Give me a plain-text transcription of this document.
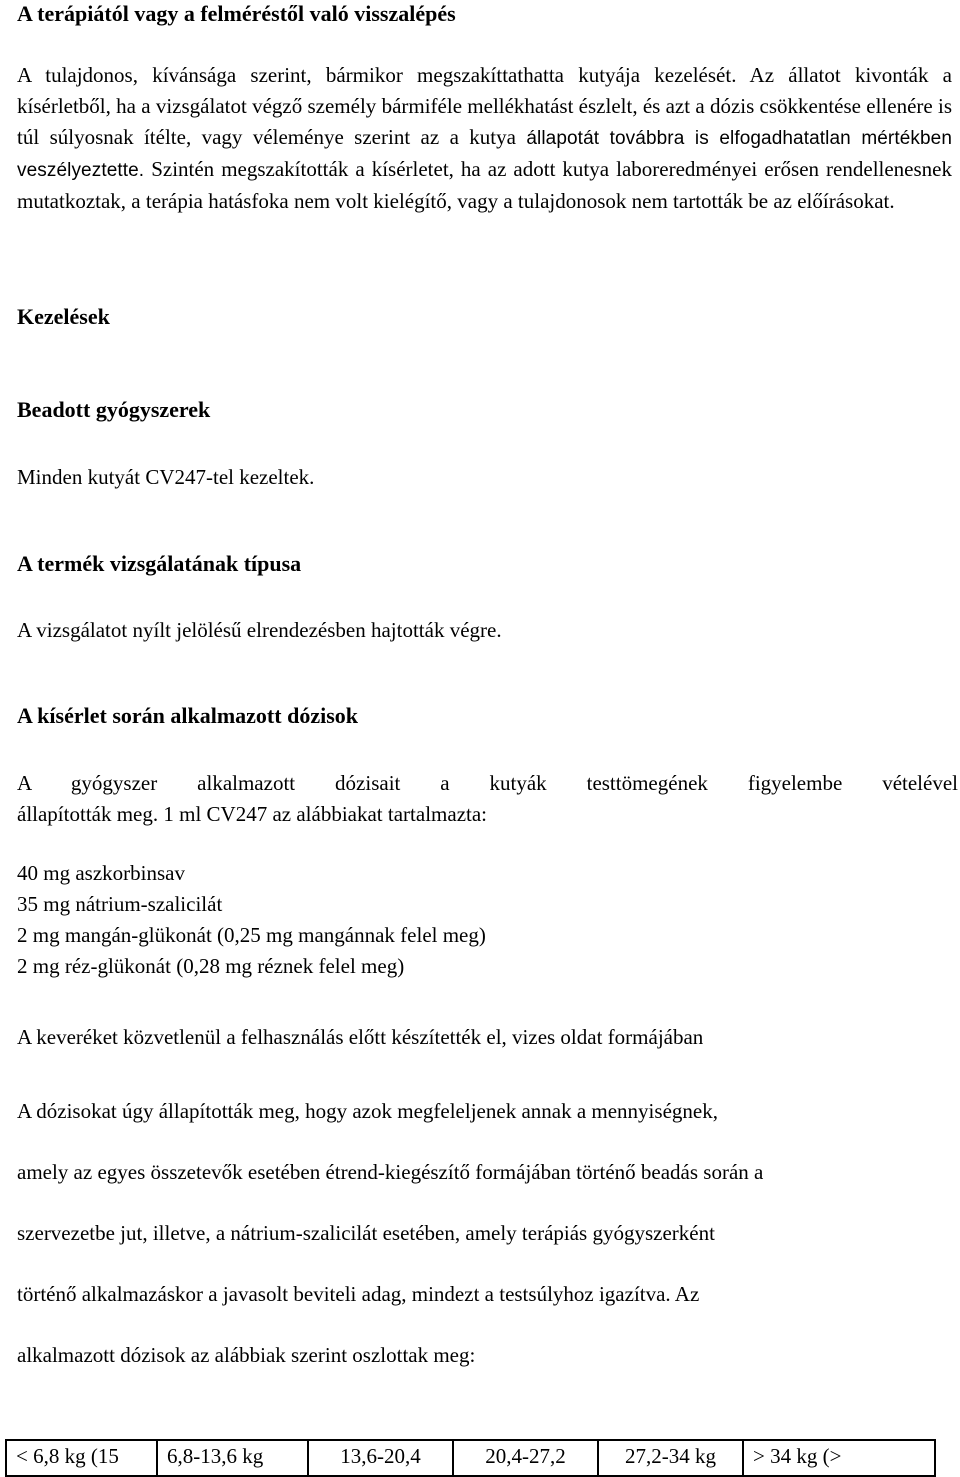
A terápiától vagy a felméréstől való visszalépés

A tulajdonos, kívánsága szerint, bármikor megszakíttathatta kutyája kezelését. Az állatot kivonták a kísérletből, ha a vizsgálatot végző személy bármiféle mellékhatást észlelt, és azt a dózis csökkentése ellenére is túl súlyosnak ítélte, vagy véleménye szerint az a kutya állapotát továbbra is elfogadhatatlan mértékben veszélyeztette. Szintén megszakították a kísérletet, ha az adott kutya laboreredményei erősen rendellenesnek mutatkoztak, a terápia hatásfoka nem volt kielégítő, vagy a tulajdonosok nem tartották be az előírásokat.

Kezelések
Beadott gyógyszerek
Minden kutyát CV247-tel kezeltek.
A termék vizsgálatának típusa
A vizsgálatot nyílt jelölésű elrendezésben hajtották végre.
A kísérlet során alkalmazott dózisok
A gyógyszer alkalmazott dózisait a kutyák testtömegének figyelembe vételével
állapították meg. 1 ml CV247 az alábbiakat tartalmazta:
40 mg aszkorbinsav
35 mg nátrium-szalicilát
2 mg mangán-glükonát (0,25 mg mangánnak felel meg)
2 mg réz-glükonát (0,28 mg réznek felel meg)
A keveréket közvetlenül a felhasználás előtt készítették el, vizes oldat formájában
A dózisokat úgy állapították meg, hogy azok megfeleljenek annak a mennyiségnek,
amely az egyes összetevők esetében étrend-kiegészítő formájában történő beadás során a
szervezetbe jut, illetve, a nátrium-szalicilát esetében, amely terápiás gyógyszerként
történő alkalmazáskor a javasolt beviteli adag, mindezt a testsúlyhoz igazítva. Az
alkalmazott dózisok az alábbiak szerint oszlottak meg:
< 6,8 kg (15	6,8-13,6 kg	13,6-20,4	20,4-27,2	27,2-34 kg	> 34 kg (>
